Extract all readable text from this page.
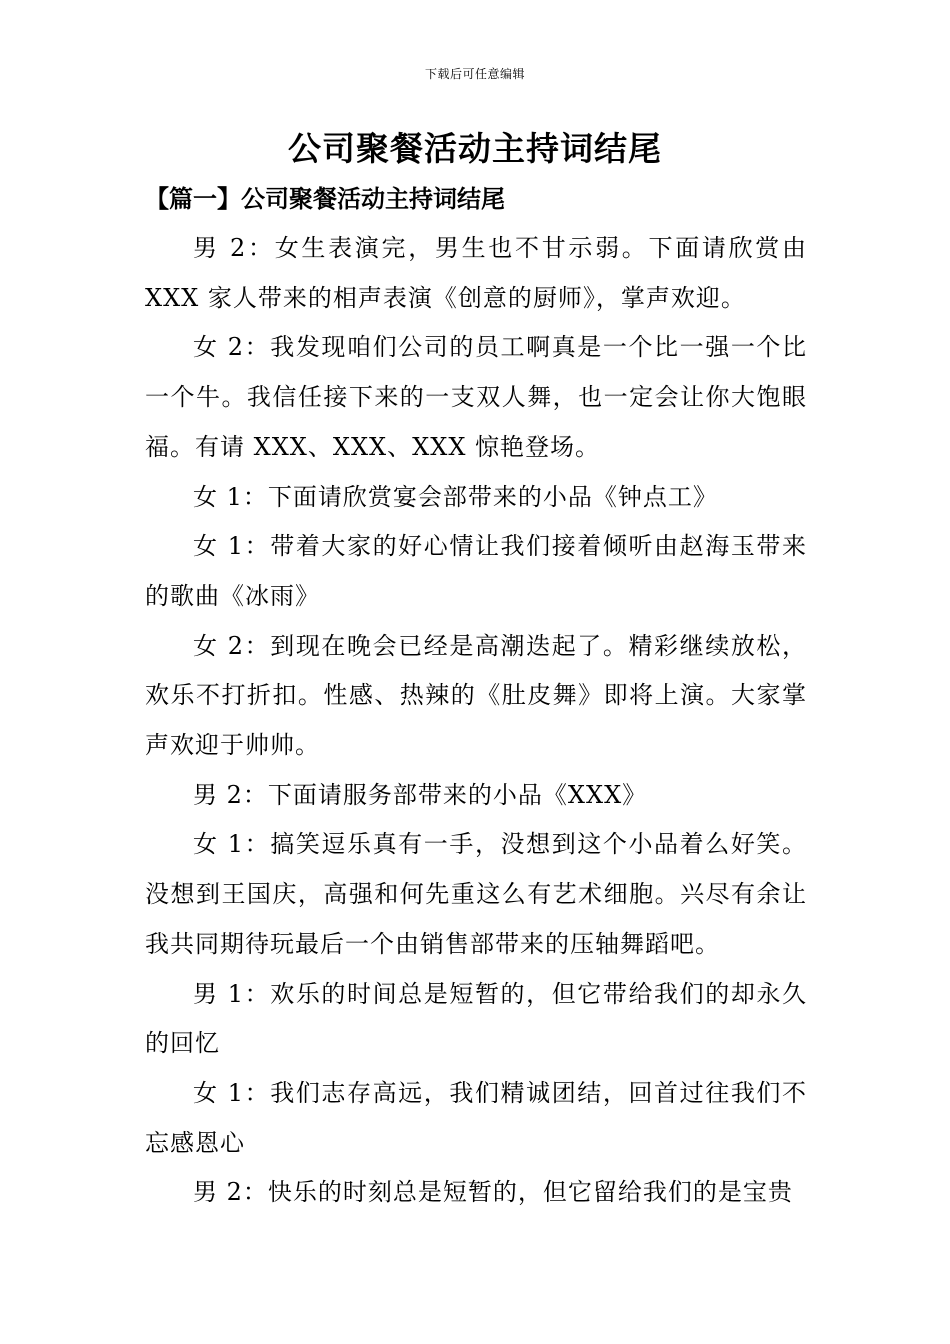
下载后可任意编辑
公司聚餐活动主持词结尾
【篇一】公司聚餐活动主持词结尾

男 2：女生表演完，男生也不甘示弱。下面请欣赏由 XXX 家人带来的相声表演《创意的厨师》，掌声欢迎。

女 2：我发现咱们公司的员工啊真是一个比一强一个比一个牛。我信任接下来的一支双人舞，也一定会让你大饱眼福。有请 XXX、XXX、XXX 惊艳登场。

女 1：下面请欣赏宴会部带来的小品《钟点工》

女 1：带着大家的好心情让我们接着倾听由赵海玉带来的歌曲《冰雨》

女 2：到现在晚会已经是高潮迭起了。精彩继续放松，欢乐不打折扣。性感、热辣的《肚皮舞》即将上演。大家掌声欢迎于帅帅。

男 2：下面请服务部带来的小品《XXX》

女 1：搞笑逗乐真有一手，没想到这个小品着么好笑。没想到王国庆，高强和何先重这么有艺术细胞。兴尽有余让我共同期待玩最后一个由销售部带来的压轴舞蹈吧。

男 1：欢乐的时间总是短暂的，但它带给我们的却永久的回忆

女 1：我们志存高远，我们精诚团结，回首过往我们不忘感恩心

男 2：快乐的时刻总是短暂的，但它留给我们的是宝贵
